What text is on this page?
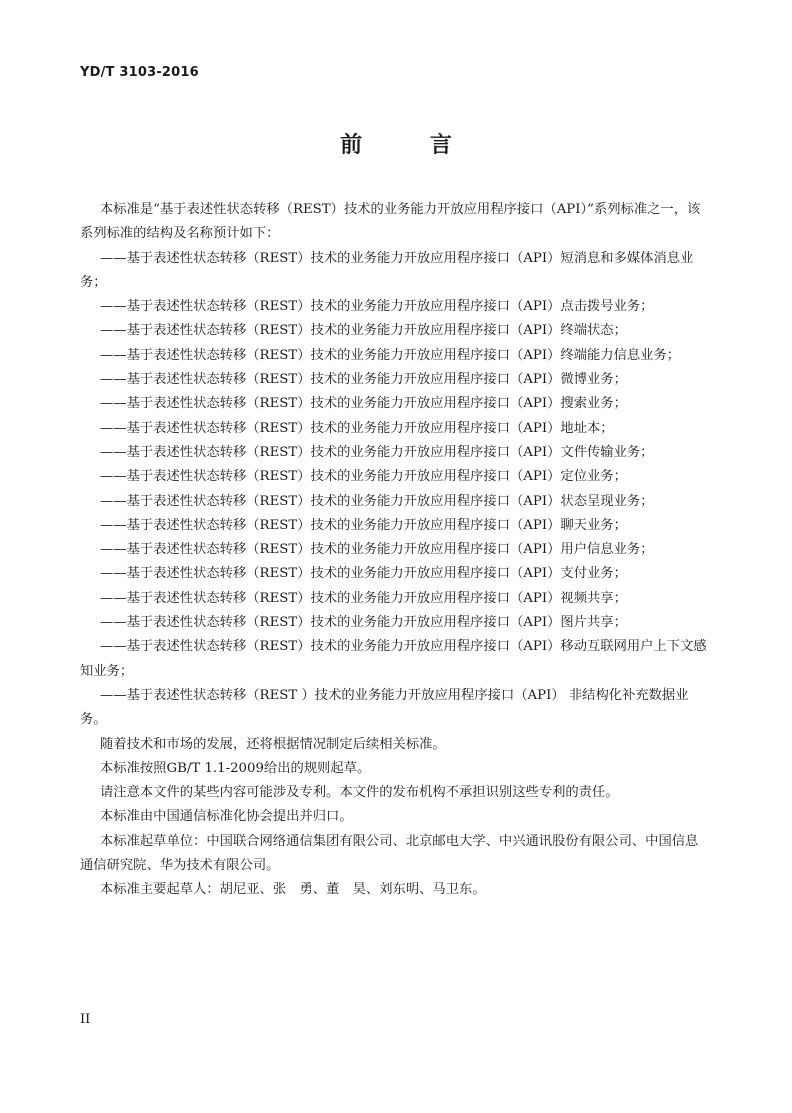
YD/T 3103-2016
前 言

本标准是“基于表述性状态转移（REST）技术的业务能力开放应用程序接口（API）”系列标准之一，该系列标准的结构及名称预计如下：

——基于表述性状态转移（REST）技术的业务能力开放应用程序接口（API）短消息和多媒体消息业务；

——基于表述性状态转移（REST）技术的业务能力开放应用程序接口（API）点击拨号业务；

——基于表述性状态转移（REST）技术的业务能力开放应用程序接口（API）终端状态；

——基于表述性状态转移（REST）技术的业务能力开放应用程序接口（API）终端能力信息业务；

——基于表述性状态转移（REST）技术的业务能力开放应用程序接口（API）微博业务；

——基于表述性状态转移（REST）技术的业务能力开放应用程序接口（API）搜索业务；

——基于表述性状态转移（REST）技术的业务能力开放应用程序接口（API）地址本；

——基于表述性状态转移（REST）技术的业务能力开放应用程序接口（API）文件传输业务；

——基于表述性状态转移（REST）技术的业务能力开放应用程序接口（API）定位业务；

——基于表述性状态转移（REST）技术的业务能力开放应用程序接口（API）状态呈现业务；

——基于表述性状态转移（REST）技术的业务能力开放应用程序接口（API）聊天业务；

——基于表述性状态转移（REST）技术的业务能力开放应用程序接口（API）用户信息业务；

——基于表述性状态转移（REST）技术的业务能力开放应用程序接口（API）支付业务；

——基于表述性状态转移（REST）技术的业务能力开放应用程序接口（API）视频共享；

——基于表述性状态转移（REST）技术的业务能力开放应用程序接口（API）图片共享；

——基于表述性状态转移（REST）技术的业务能力开放应用程序接口（API）移动互联网用户上下文感知业务；

——基于表述性状态转移（REST ）技术的业务能力开放应用程序接口（API） 非结构化补充数据业务。

随着技术和市场的发展，还将根据情况制定后续相关标准。

本标准按照GB/T 1.1-2009给出的规则起草。

请注意本文件的某些内容可能涉及专利。本文件的发布机构不承担识别这些专利的责任。

本标准由中国通信标准化协会提出并归口。

本标准起草单位：中国联合网络通信集团有限公司、北京邮电大学、中兴通讯股份有限公司、中国信息通信研究院、华为技术有限公司。

本标准主要起草人：胡尼亚、张　勇、董　昊、刘东明、马卫东。

II
